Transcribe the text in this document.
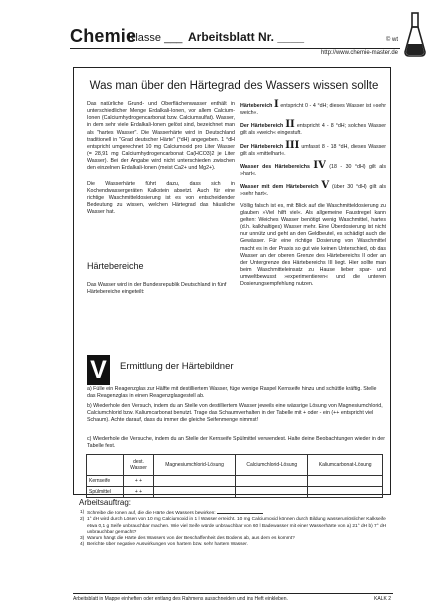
Chemie
Klasse ___ Arbeitsblatt Nr. ____	© wt
http://www.chemie-master.de
Was man über den Härtegrad des Wassers wissen sollte

Das natürliche Grund- und Oberflächenwasser enthält in unterschiedlicher Menge Erdalkali-Ionen, vor allem Calcium-Ionen (Calciumhydrogencarbonat bzw. Calciumsulfat). Wasser, in dem sehr viele Erdalkali-Ionen gelöst sind, bezeichnet man als "hartes Wasser". Die Wasserhärte wird in Deutschland traditionell in "Grad deutscher Härte" (°dH) angegeben. 1 °dH entspricht umgerechnet 10 mg Calciumoxid pro Liter Wasser (= 28,91 mg Calciumhydrogencarbonat Ca(HCO3)2 je Liter Wasser). Bei der Angabe wird nicht unterschieden zwischen den einzelnen Erdalkali-Ionen (meist Ca2+ und Mg2+).

Die Wasserhärte führt dazu, dass sich in Kochendwassergeräten Kalkstein absetzt. Auch für eine richtige Waschmitteldosierung ist es von entscheidender Bedeutung zu wissen, welchen Härtegrad das häusliche Wasser hat.

Härtebereich I entspricht 0 - 4 °dH; dieses Wasser ist »sehr weich«.

Der Härtebereich II entspricht 4 - 8 °dH; solches Wasser gilt als »weich« eingestuft.

Der Härtebereich III umfasst 8 - 18 °dH, dieses Wasser gilt als »mittelhart«.

Wasser des Härtebereichs IV (18 - 30 °dH) gilt als »hart«.

Wasser mit dem Härtebereich V (über 30 °dH) gilt als »sehr hart«.

Völlig falsch ist es, mit Blick auf die Waschmitteldosierung zu glauben »Viel hilft viel«. Als allgemeine Faustregel kann gelten: Weiches Wasser benötigt wenig Waschmittel, hartes (d.h. kalkhaltiges) Wasser mehr. Eine Überdosierung ist nicht nur unnütz und geht an den Geldbeutel, es schädigt auch die Gewässer. Für eine richtige Dosierung von Waschmittel macht es in der Praxis so gut wie keinen Unterschied, ob das Wasser an der oberen Grenze des Härtebereichs II oder an der Untergrenze des Härtebereichs III liegt. Hier sollte man beim Waschmitteleinsatz zu Hause lieber spar- und umweltbewusst »experimentieren« und die unteren Dosierungsempfehlung nutzen.

Härtebereiche
Das Wasser wird in der Bundesrepublik Deutschland in fünf Härtebereiche eingeteilt:
V	Ermittlung der Härtebildner
a) Fülle ein Reagenzglas zur Hälfte mit destilliertem Wasser, füge wenige Raspel Kernseife hinzu und schüttle kräftig. Stelle das Reagenzglas in einen Reagenzglasgestell ab.
b) Wiederhole den Versuch, indem du an Stelle von destilliertem Wasser jeweils eine wässrige Lösung von Magnesiumchlorid, Calciumchlorid bzw. Kaliumcarbonat benutzt. Trage das Schaumverhalten in der Tabelle mit + oder - ein (++ entspricht viel Schaum). Achte darauf, dass du immer die gleiche Seifenmenge nimmst!
c) Wiederhole die Versuche, indem du an Stelle der Kernseife Spülmittel verwendest. Halte deine Beobachtungen wieder in der Tabelle fest.
	dest. Wasser	Magnesiumchlorid-Lösung	Calciumchlorid-Lösung	Kaliumcarbonat-Lösung
Kernseife	+ +			
Spülmittel	+ +			
Arbeitsauftrag:
1) Schreibe die Ionen auf, die die Härte des Wassers bewirken:
2) 1° dH wird durch Lösen von 10 mg Calciumoxid in 1 l Wasser erreicht. 10 mg Calciumoxid können durch Bildung wasserunlöslicher Kalkseife etwa 0,1 g Seife unbrauchbar machen. Wie viel Seife würde unbrauchbar von 60 l Badewasser mit einer Wasserhärte von a) 21° dH b) 7° dH unbrauchbar gemacht?
3) Warum hängt die Härte des Wassers von der Beschaffenheit des Bodens ab, aus dem es kommt?
4) Berichte über negative Auswirkungen von hartem bzw. sehr hartem Wasser.
Arbeitsblatt in Mappe einheften oder entlang des Rahmens ausschneiden und ins Heft einkleben.	KALK 2
